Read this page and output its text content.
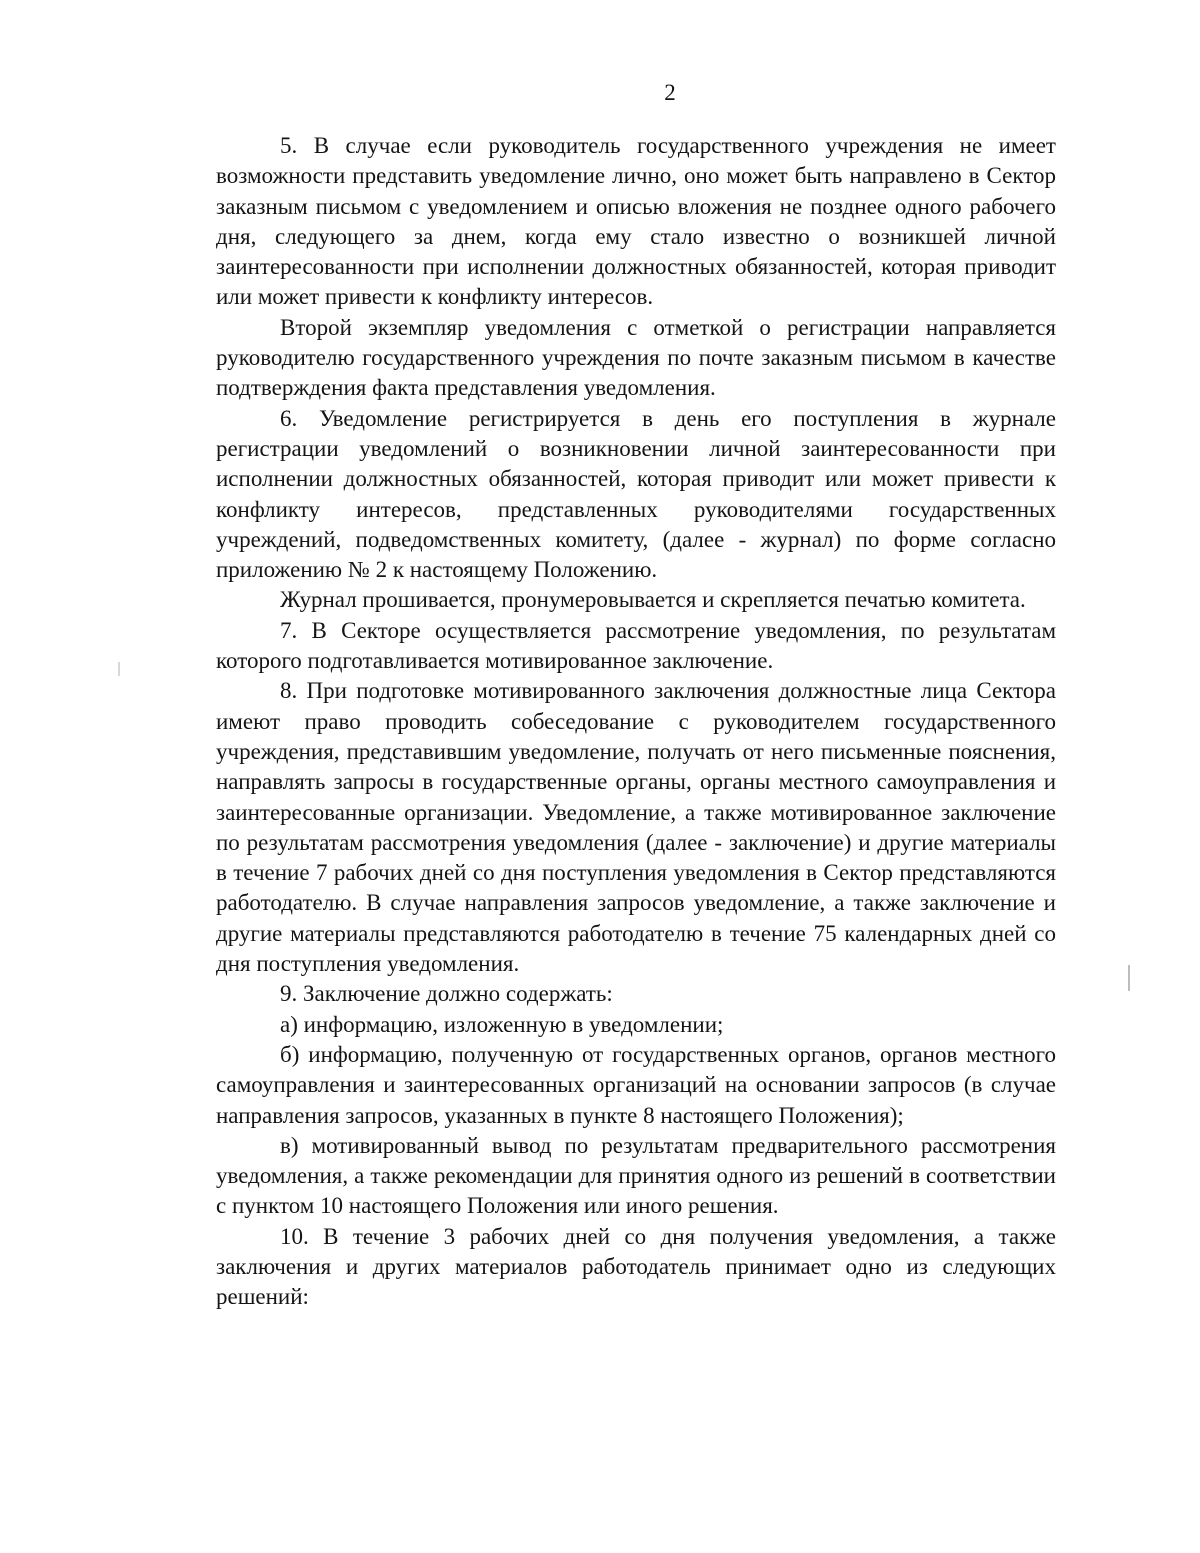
2

5. В случае если руководитель государственного учреждения не имеет возможности представить уведомление лично, оно может быть направлено в Сектор заказным письмом с уведомлением и описью вложения не позднее одного рабочего дня, следующего за днем, когда ему стало известно о возникшей личной заинтересованности при исполнении должностных обязанностей, которая приводит или может привести к конфликту интересов.

Второй экземпляр уведомления с отметкой о регистрации направляется руководителю государственного учреждения по почте заказным письмом в качестве подтверждения факта представления уведомления.

6. Уведомление регистрируется в день его поступления в журнале регистрации уведомлений о возникновении личной заинтересованности при исполнении должностных обязанностей, которая приводит или может привести к конфликту интересов, представленных руководителями государственных учреждений, подведомственных комитету, (далее - журнал) по форме согласно приложению № 2 к настоящему Положению.

Журнал прошивается, пронумеровывается и скрепляется печатью комитета.

7. В Секторе осуществляется рассмотрение уведомления, по результатам которого подготавливается мотивированное заключение.

8. При подготовке мотивированного заключения должностные лица Сектора имеют право проводить собеседование с руководителем государственного учреждения, представившим уведомление, получать от него письменные пояснения, направлять запросы в государственные органы, органы местного самоуправления и заинтересованные организации. Уведомление, а также мотивированное заключение по результатам рассмотрения уведомления (далее - заключение) и другие материалы в течение 7 рабочих дней со дня поступления уведомления в Сектор представляются работодателю. В случае направления запросов уведомление, а также заключение и другие материалы представляются работодателю в течение 75 календарных дней со дня поступления уведомления.

9. Заключение должно содержать:

а) информацию, изложенную в уведомлении;

б) информацию, полученную от государственных органов, органов местного самоуправления и заинтересованных организаций на основании запросов (в случае направления запросов, указанных в пункте 8 настоящего Положения);

в) мотивированный вывод по результатам предварительного рассмотрения уведомления, а также рекомендации для принятия одного из решений в соответствии с пунктом 10 настоящего Положения или иного решения.

10. В течение 3 рабочих дней со дня получения уведомления, а также заключения и других материалов работодатель принимает одно из следующих решений:
